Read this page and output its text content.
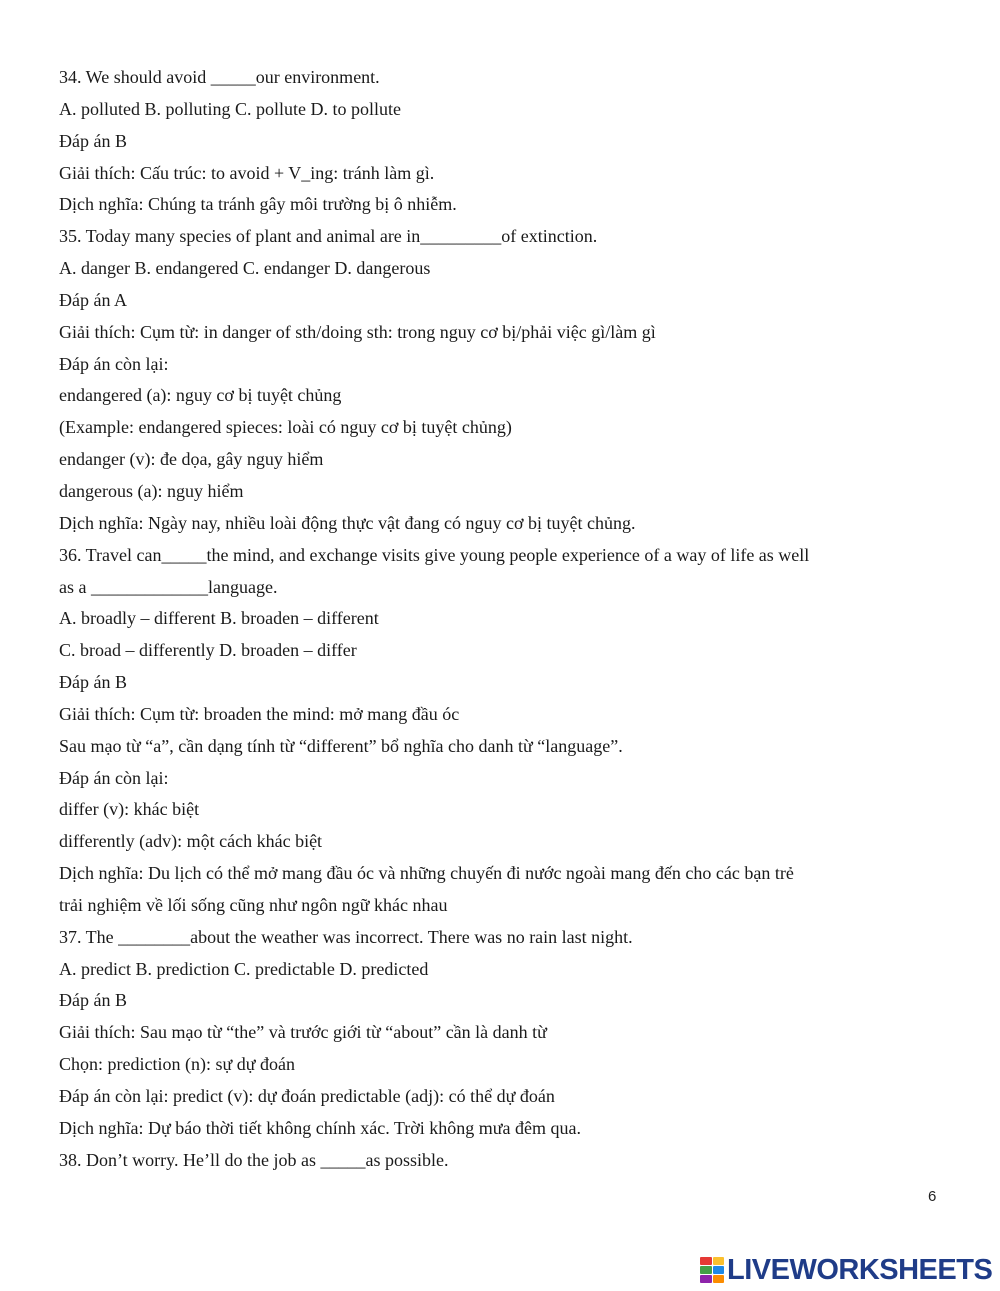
34. We should avoid _____our environment.
A. polluted B. polluting C. pollute D. to pollute
Đáp án B
Giải thích: Cấu trúc: to avoid + V_ing: tránh làm gì.
Dịch nghĩa: Chúng ta tránh gây môi trường bị ô nhiễm.
35. Today many species of plant and animal are in_________of extinction.
A. danger B. endangered C. endanger D. dangerous
Đáp án A
Giải thích: Cụm từ: in danger of sth/doing sth: trong nguy cơ bị/phải việc gì/làm gì
Đáp án còn lại:
endangered (a): nguy cơ bị tuyệt chủng
(Example: endangered spieces: loài có nguy cơ bị tuyệt chủng)
endanger (v): đe dọa, gây nguy hiểm
dangerous (a): nguy hiểm
Dịch nghĩa: Ngày nay, nhiều loài động thực vật đang có nguy cơ bị tuyệt chủng.
36. Travel can_____the mind, and exchange visits give young people experience of a way of life as well
as a _____________language.
A. broadly – different B. broaden – different
C. broad – differently D. broaden – differ
Đáp án B
Giải thích: Cụm từ: broaden the mind: mở mang đầu óc
Sau mạo từ “a”, cần dạng tính từ “different” bổ nghĩa cho danh từ “language”.
Đáp án còn lại:
differ (v): khác biệt
differently (adv): một cách khác biệt
Dịch nghĩa: Du lịch có thể mở mang đầu óc và những chuyến đi nước ngoài mang đến cho các bạn trẻ
trải nghiệm về lối sống cũng như ngôn ngữ khác nhau
37. The ________about the weather was incorrect. There was no rain last night.
A. predict B. prediction C. predictable D. predicted
Đáp án B
Giải thích: Sau mạo từ “the” và trước giới từ “about” cần là danh từ
Chọn: prediction (n): sự dự đoán
Đáp án còn lại: predict (v): dự đoán predictable (adj): có thể dự đoán
Dịch nghĩa: Dự báo thời tiết không chính xác. Trời không mưa đêm qua.
38. Don’t worry. He’ll do the job as _____as possible.
6
LIVEWORKSHEETS
